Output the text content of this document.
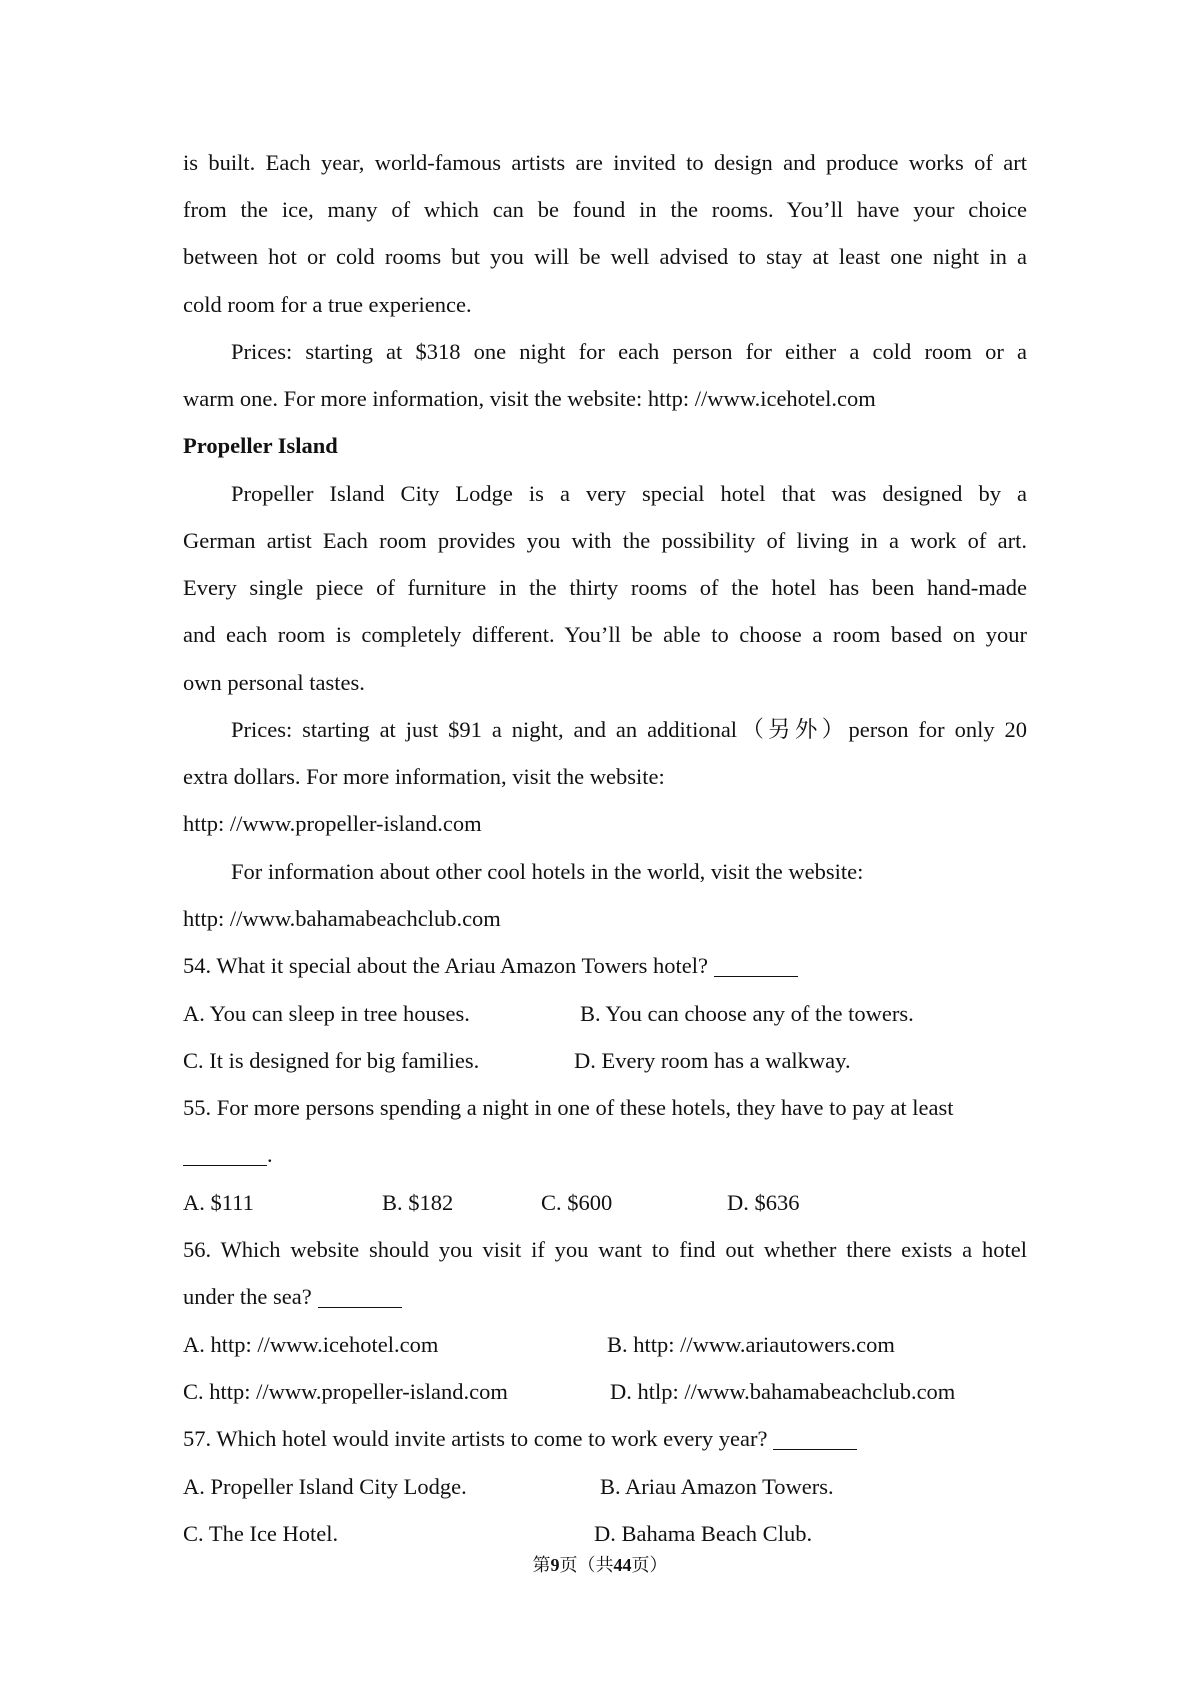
is built. Each year, world-famous artists are invited to design and produce works of art
from the ice, many of which can be found in the rooms. You’ll have your choice
between hot or cold rooms but you will be well advised to stay at least one night in a
cold room for a true experience.
Prices: starting at $318 one night for each person for either a cold room or a
warm one. For more information, visit the website: http: //www.icehotel.com
Propeller Island
Propeller Island City Lodge is a very special hotel that was designed by a
German artist Each room provides you with the possibility of living in a work of art.
Every single piece of furniture in the thirty rooms of the hotel has been hand-made
and each room is completely different. You’ll be able to choose a room based on your
own personal tastes.
Prices: starting at just $91 a night, and an additional（另外）person for only 20
extra dollars. For more information, visit the website:
http: //www.propeller-island.com
For information about other cool hotels in the world, visit the website:
http: //www.bahamabeachclub.com
54. What it special about the Ariau Amazon Towers hotel?
A. You can sleep in tree houses.	B. You can choose any of the towers.
C. It is designed for big families.	D. Every room has a walkway.
55. For more persons spending a night in one of these hotels, they have to pay at least
.
A. $111	B. $182	C. $600	D. $636
56. Which website should you visit if you want to find out whether there exists a hotel
under the sea?
A. http: //www.icehotel.com	B. http: //www.ariautowers.com
C. http: //www.propeller-island.com	D. htlp: //www.bahamabeachclub.com
57. Which hotel would invite artists to come to work every year?
A. Propeller Island City Lodge.	B. Ariau Amazon Towers.
C. The Ice Hotel.	D. Bahama Beach Club.
第9页（共44页）
